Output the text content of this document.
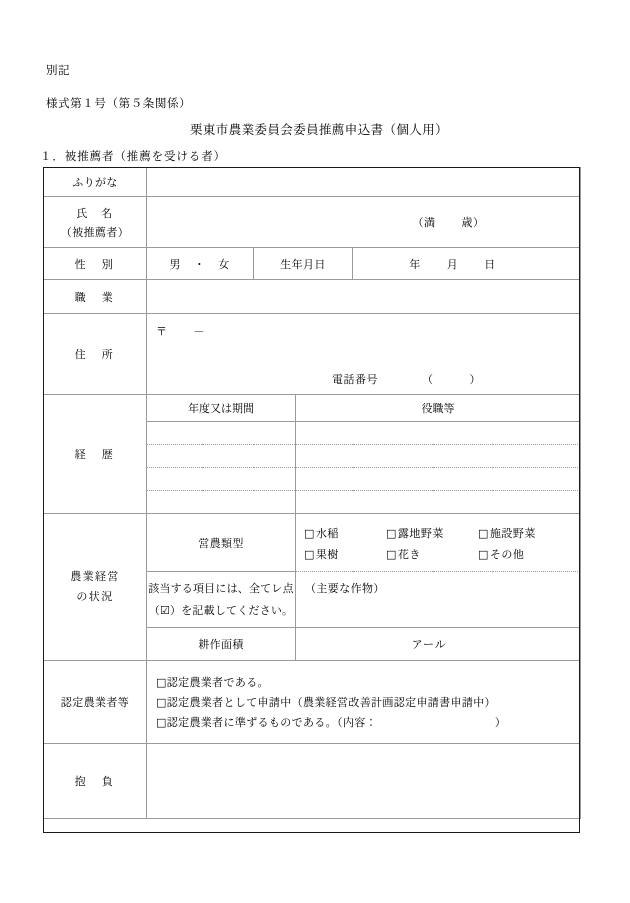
別記
様式第１号（第５条関係）
栗東市農業委員会委員推薦申込書（個人用）
１．被推薦者（推薦を受ける者）
ふりがな				

氏　名
（被推薦者）	（満 歳）			

性　別	男　・　女	生年月日		年 月 日
職　業				
住　所	〒 －
電話番号 （ ）			

経　歴	年度又は期間		役職等	

農業経営
の状況
	営農類型	
□水稲	□露地野菜	□施設野菜
□果樹	□花き	□その他

	該当する項目には、全てレ点
（☑）を記載してください。		（主要な作物）	

	耕作面積		アール	
認定農業者等	□認定農業者である。
□認定農業者として申請中（農業経営改善計画認定申請書申請中）
□認定農業者に準ずるものである。（内容： ）			

抱　負				
